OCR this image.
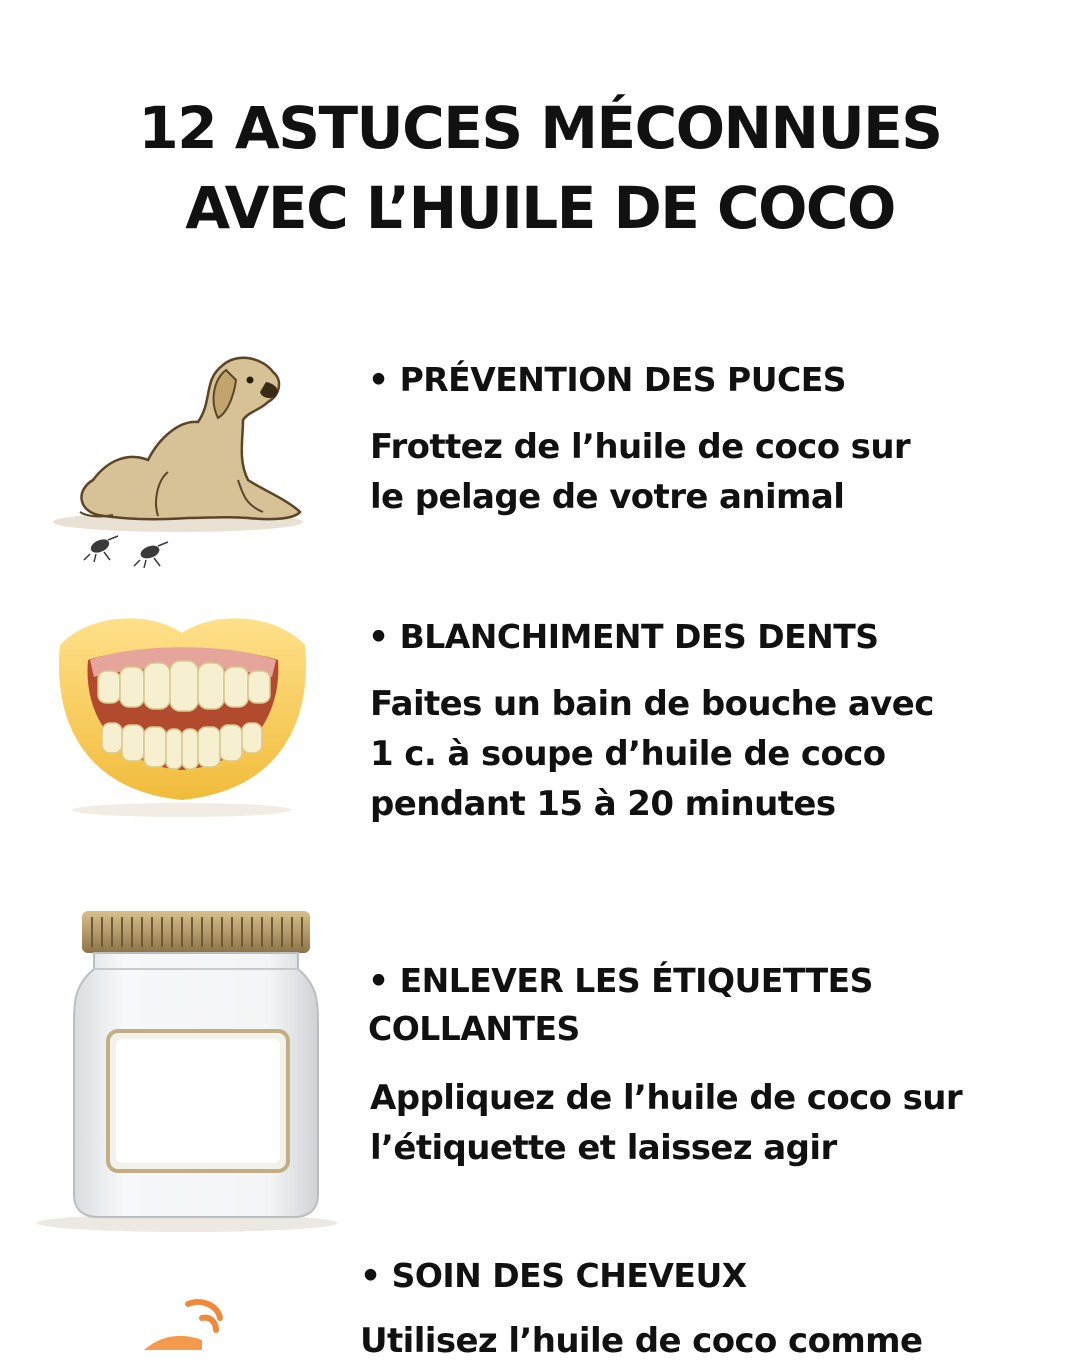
12 ASTUCES MÉCONNUES
AVEC L’HUILE DE COCO
• PRÉVENTION DES PUCES

Frottez de l’huile de coco sur
le pelage de votre animal

• BLANCHIMENT DES DENTS

Faites un bain de bouche avec
1 c. à soupe d’huile de coco
pendant 15 à 20 minutes

• ENLEVER LES ÉTIQUETTES
COLLANTES

Appliquez de l’huile de coco sur
l’étiquette et laissez agir

• SOIN DES CHEVEUX

Utilisez l’huile de coco comme
